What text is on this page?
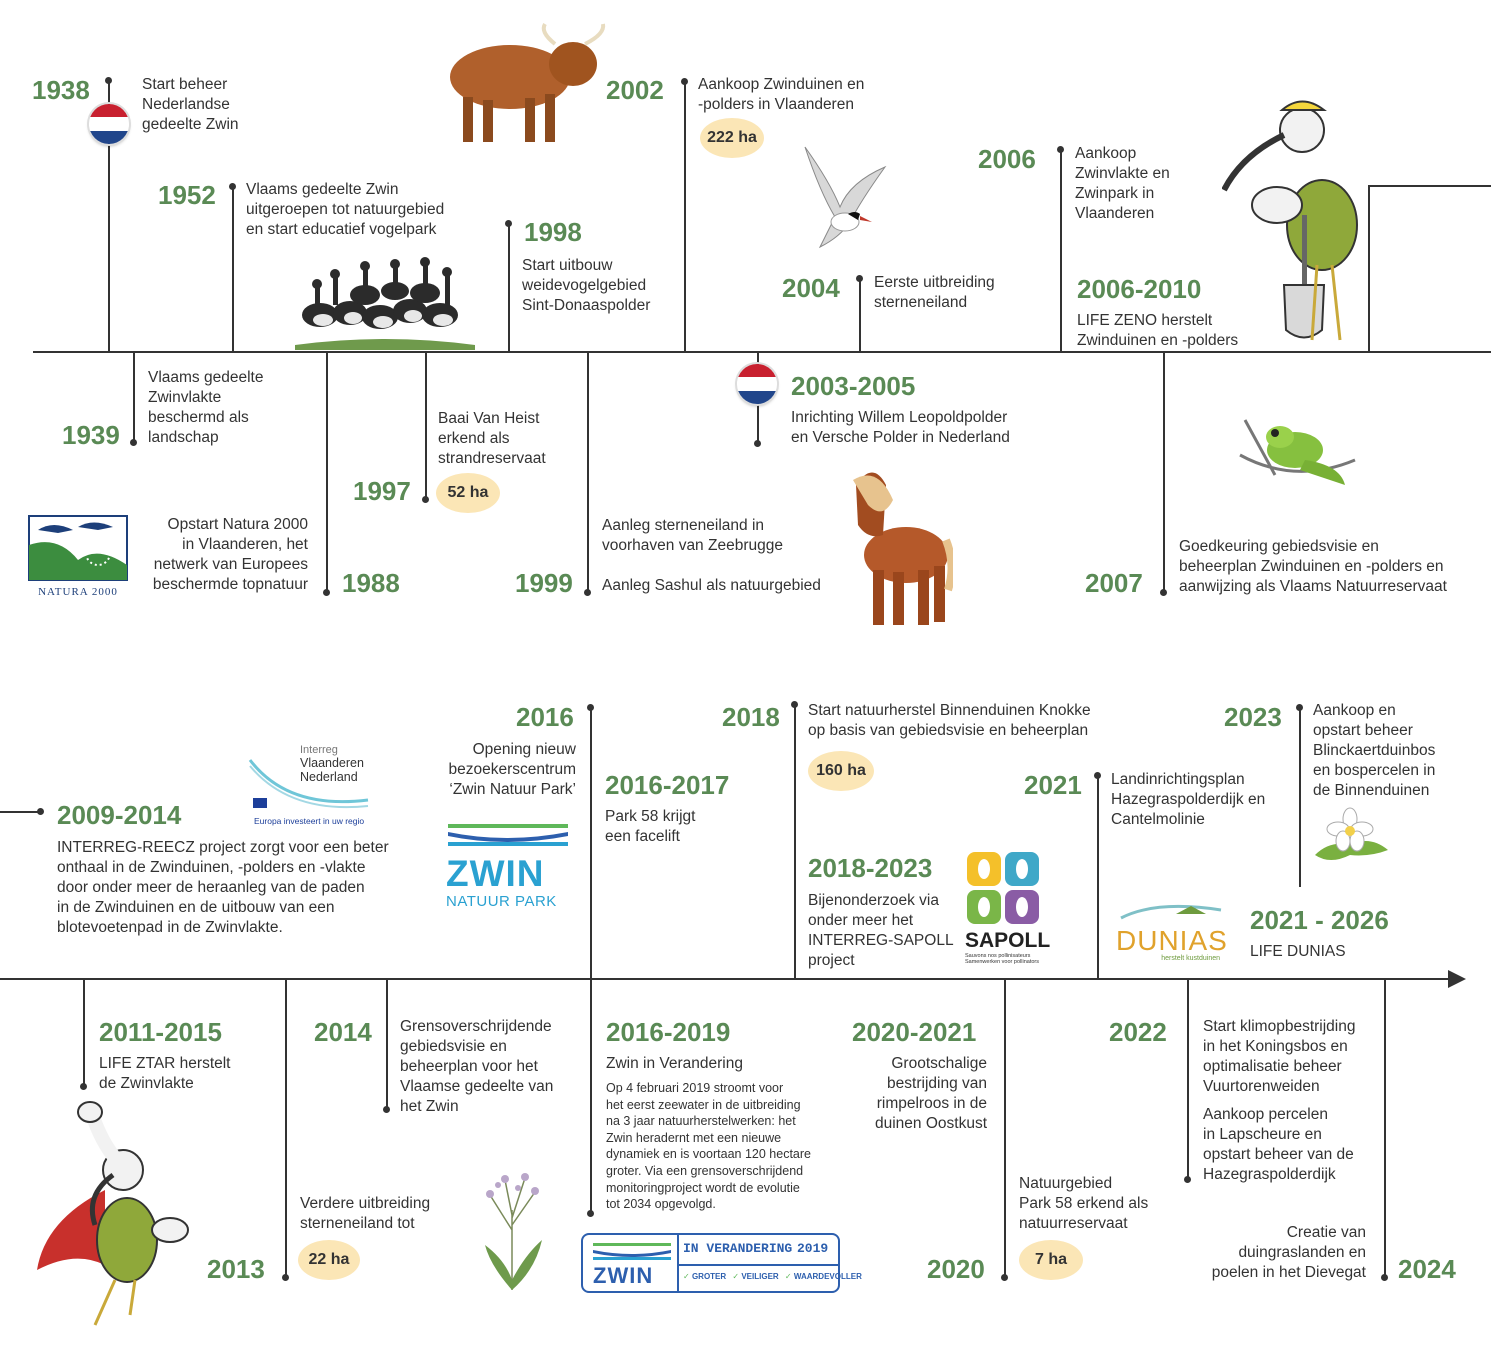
1938	Start beheer
Nederlandse
gedeelte Zwin
1952 Vlaams gedeelte Zwin
uitgeroepen tot natuurgebied
en start educatief vogelpark	1998
Start uitbouw
weidevogelgebied
Sint-Donaaspolder
2002 Aankoop Zwinduinen en
-polders in Vlaanderen
222 ha
2004 Eerste uitbreiding
sterneneiland
2006	Aankoop
Zwinvlakte en
Zwinpark in
Vlaanderen
2006-2010
LIFE ZENO herstelt
Zwinduinen en -polders
1939
Vlaams gedeelte
Zwinvlakte
beschermd als
landschap
1988
Opstart Natura 2000
in Vlaanderen, het
netwerk van Europees
beschermde topnatuur
NATURA 2000
1997
Baai Van Heist
erkend als
strandreservaat
52 ha
1999
Aanleg sterneneiland in
voorhaven van Zeebrugge

Aanleg Sashul als natuurgebied
2003-2005
Inrichting Willem Leopoldpolder
en Versche Polder in Nederland
2007
Goedkeuring gebiedsvisie en
beheerplan Zwinduinen en -polders en
aanwijzing als Vlaams Natuurreservaat
2009-2014
INTERREG-REECZ project zorgt voor een beter
onthaal in de Zwinduinen, -polders en -vlakte
door onder meer de heraanleg van de paden
in de Zwinduinen en de uitbouw van een
blotevoetenpad in de Zwinvlakte.
Interreg
Vlaanderen
Nederland
Europa investeert in uw regio
2016
Opening nieuw
bezoekerscentrum
‘Zwin Natuur Park’
ZWIN
NATUUR PARK
2016-2017
Park 58 krijgt
een facelift
2018 Start natuurherstel Binnenduinen Knokke
op basis van gebiedsvisie en beheerplan
160 ha
2018-2023
Bijenonderzoek via
onder meer het
INTERREG-SAPOLL
project
SAPOLL
Sauvons nos pollinisateurs
Samenwerken voor pollinators
2021 Landinrichtingsplan
Hazegraspolderdijk en
Cantelmolinie
DUNIAS
herstelt kustduinen
2023 Aankoop en
opstart beheer
Blinckaertduinbos
en bospercelen in
de Binnenduinen
2021 - 2026
LIFE DUNIAS
2011-2015
LIFE ZTAR herstelt
de Zwinvlakte
2013
Verdere uitbreiding
sterneneiland tot
22 ha
2014 Grensoverschrijdende
gebiedsvisie en
beheerplan voor het
Vlaamse gedeelte van
het Zwin
2016-2019
Zwin in Verandering
Op 4 februari 2019 stroomt voor
het eerst zeewater in de uitbreiding
na 3 jaar natuurherstelwerken: het
Zwin heradernt met een nieuwe
dynamiek en is voortaan 120 hectare
groter. Via een grensoverschrijdend
monitoringproject wordt de evolutie
tot 2034 opgevolgd.
ZWIN
IN VERANDERING 2019
✓ GROTER ✓ VEILIGER ✓ WAARDEVOLLER
2020-2021
Grootschalige
bestrijding van
rimpelroos in de
duinen Oostkust
2020
Natuurgebied
Park 58 erkend als
natuurreservaat
7 ha
2022 Start klimopbestrijding
in het Koningsbos en
optimalisatie beheer
Vuurtorenweiden
Aankoop percelen
in Lapscheure en
opstart beheer van de
Hazegraspolderdijk
2024
Creatie van
duingraslanden en
poelen in het Dievegat
